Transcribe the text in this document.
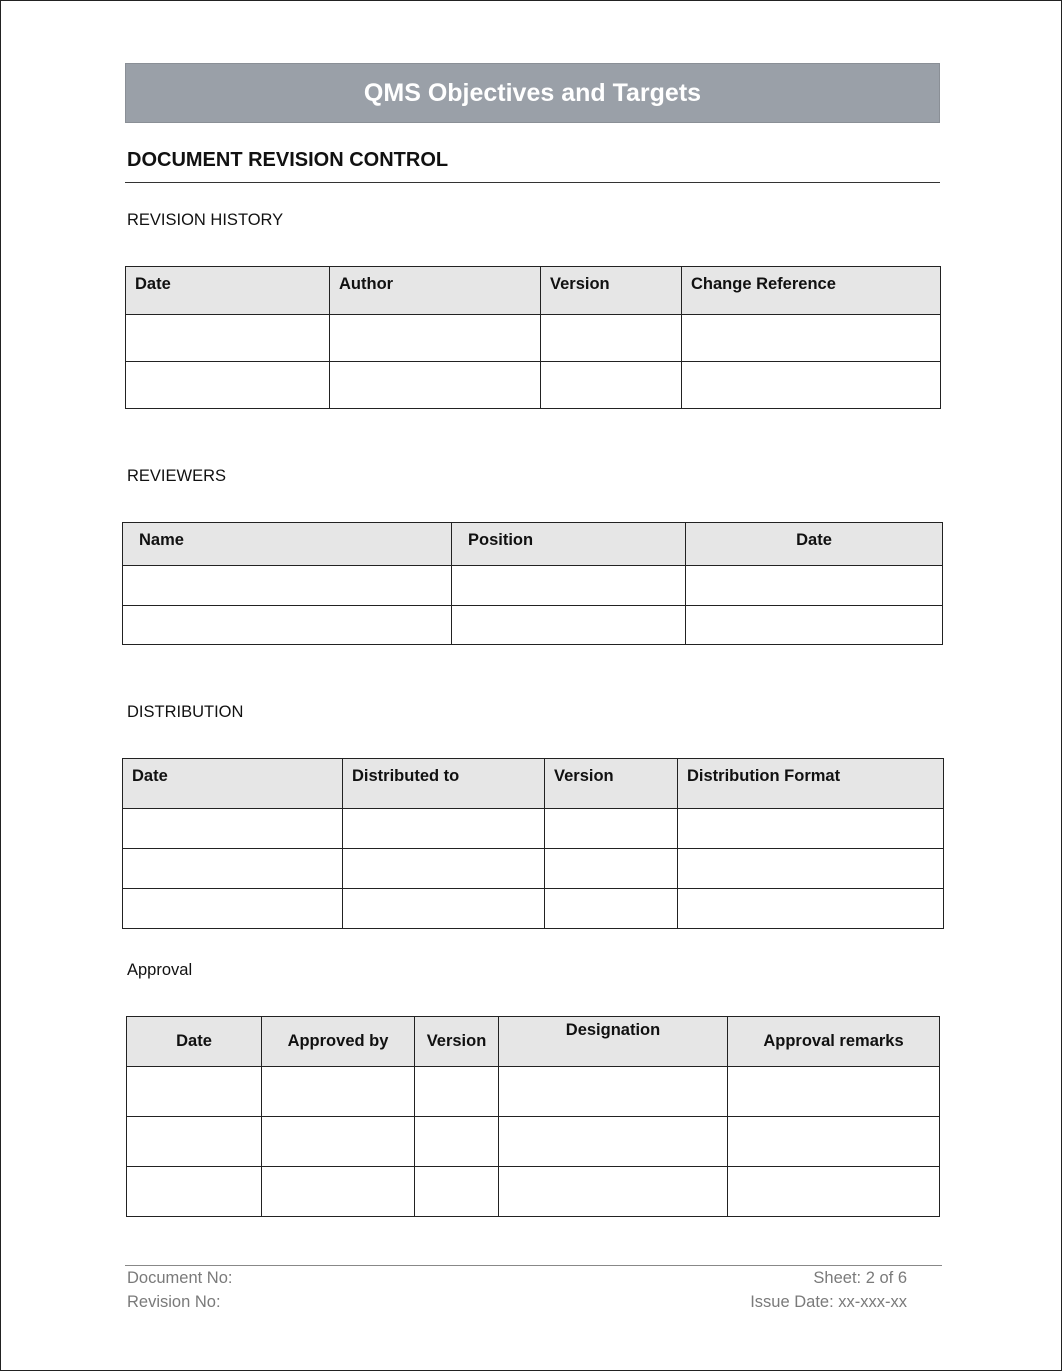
QMS Objectives and Targets
DOCUMENT REVISION CONTROL
REVISION HISTORY
Date	Author	Version	Change Reference

REVIEWERS
Name	Position	Date

DISTRIBUTION
Date	Distributed to	Version	Distribution Format

Approval
Date	Approved by	Version	Designation	Approval remarks

Document No:
Revision No:
Sheet: 2 of 6
Issue Date: xx-xxx-xx
